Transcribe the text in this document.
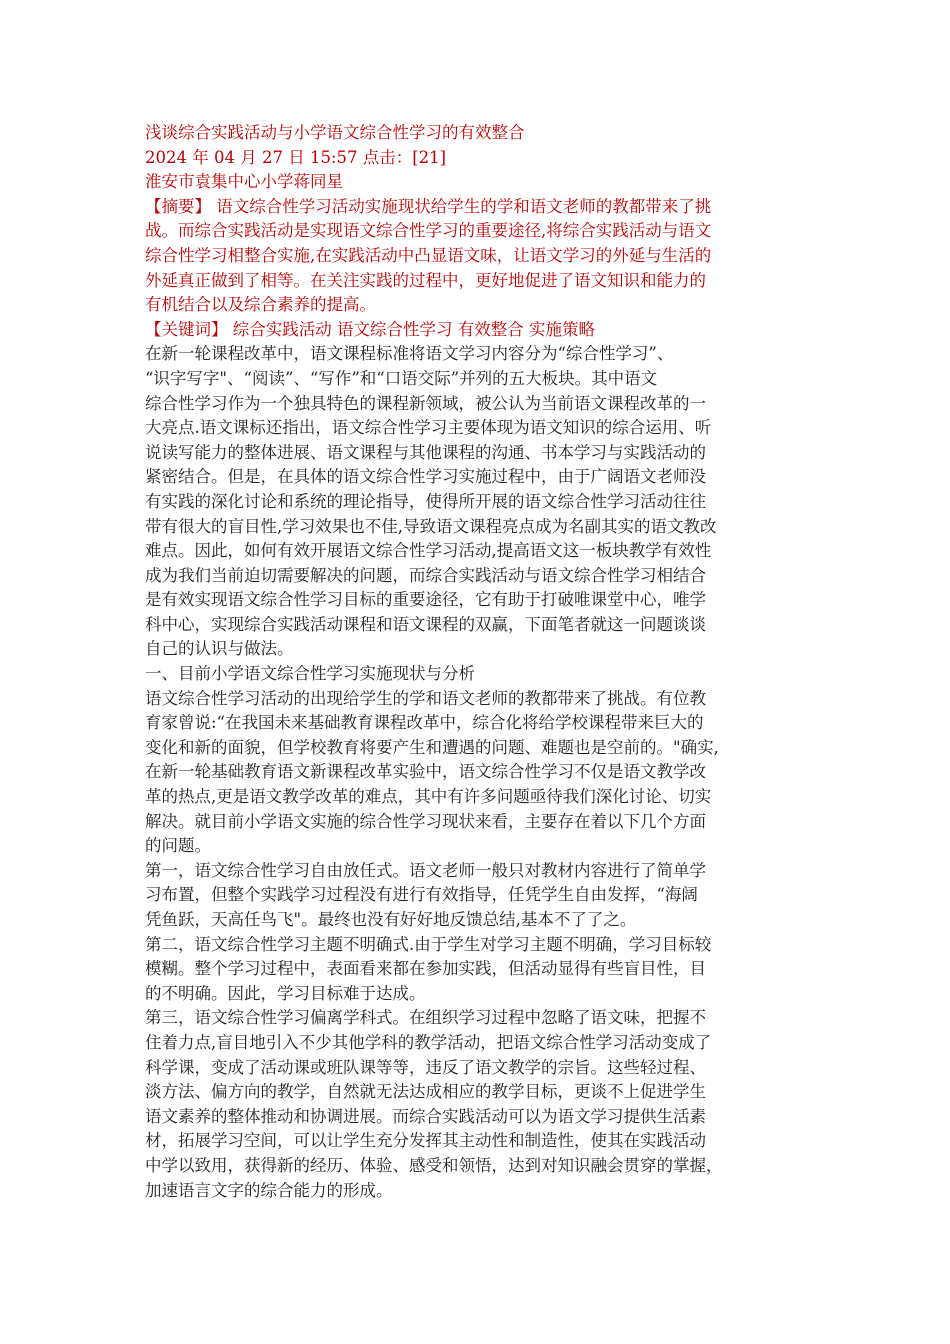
浅谈综合实践活动与小学语文综合性学习的有效整合
2024 年 04 月 27 日 15:57 点击：[21]
淮安市袁集中心小学蒋同星
【摘要】 语文综合性学习活动实施现状给学生的学和语文老师的教都带来了挑
战。而综合实践活动是实现语文综合性学习的重要途径,将综合实践活动与语文
综合性学习相整合实施,在实践活动中凸显语文味，让语文学习的外延与生活的
外延真正做到了相等。在关注实践的过程中，更好地促进了语文知识和能力的
有机结合以及综合素养的提高。
【关键词】 综合实践活动 语文综合性学习 有效整合 实施策略
在新一轮课程改革中，语文课程标准将语文学习内容分为“综合性学习”、
“识字写字"、“阅读”、“写作”和“口语交际”并列的五大板块。其中语文
综合性学习作为一个独具特色的课程新领域，被公认为当前语文课程改革的一
大亮点.语文课标还指出，语文综合性学习主要体现为语文知识的综合运用、听
说读写能力的整体进展、语文课程与其他课程的沟通、书本学习与实践活动的
紧密结合。但是，在具体的语文综合性学习实施过程中，由于广阔语文老师没
有实践的深化讨论和系统的理论指导，使得所开展的语文综合性学习活动往往
带有很大的盲目性,学习效果也不佳,导致语文课程亮点成为名副其实的语文教改
难点。因此，如何有效开展语文综合性学习活动,提高语文这一板块教学有效性
成为我们当前迫切需要解决的问题，而综合实践活动与语文综合性学习相结合
是有效实现语文综合性学习目标的重要途径，它有助于打破唯课堂中心，唯学
科中心，实现综合实践活动课程和语文课程的双赢，下面笔者就这一问题谈谈
自己的认识与做法。
一、目前小学语文综合性学习实施现状与分析
语文综合性学习活动的出现给学生的学和语文老师的教都带来了挑战。有位教
育家曾说:“在我国未来基础教育课程改革中，综合化将给学校课程带来巨大的
变化和新的面貌，但学校教育将要产生和遭遇的问题、难题也是空前的。"确实,
在新一轮基础教育语文新课程改革实验中，语文综合性学习不仅是语文教学改
革的热点,更是语文教学改革的难点，其中有许多问题亟待我们深化讨论、切实
解决。就目前小学语文实施的综合性学习现状来看，主要存在着以下几个方面
的问题。
第一，语文综合性学习自由放任式。语文老师一般只对教材内容进行了简单学
习布置，但整个实践学习过程没有进行有效指导，任凭学生自由发挥，“海阔
凭鱼跃，天高任鸟飞"。最终也没有好好地反馈总结,基本不了了之。
第二，语文综合性学习主题不明确式.由于学生对学习主题不明确，学习目标较
模糊。整个学习过程中，表面看来都在参加实践，但活动显得有些盲目性，目
的不明确。因此，学习目标难于达成。
第三，语文综合性学习偏离学科式。在组织学习过程中忽略了语文味，把握不
住着力点,盲目地引入不少其他学科的教学活动，把语文综合性学习活动变成了
科学课，变成了活动课或班队课等等，违反了语文教学的宗旨。这些轻过程、
淡方法、偏方向的教学，自然就无法达成相应的教学目标，更谈不上促进学生
语文素养的整体推动和协调进展。而综合实践活动可以为语文学习提供生活素
材，拓展学习空间，可以让学生充分发挥其主动性和制造性，使其在实践活动
中学以致用，获得新的经历、体验、感受和领悟，达到对知识融会贯穿的掌握，
加速语言文字的综合能力的形成。
